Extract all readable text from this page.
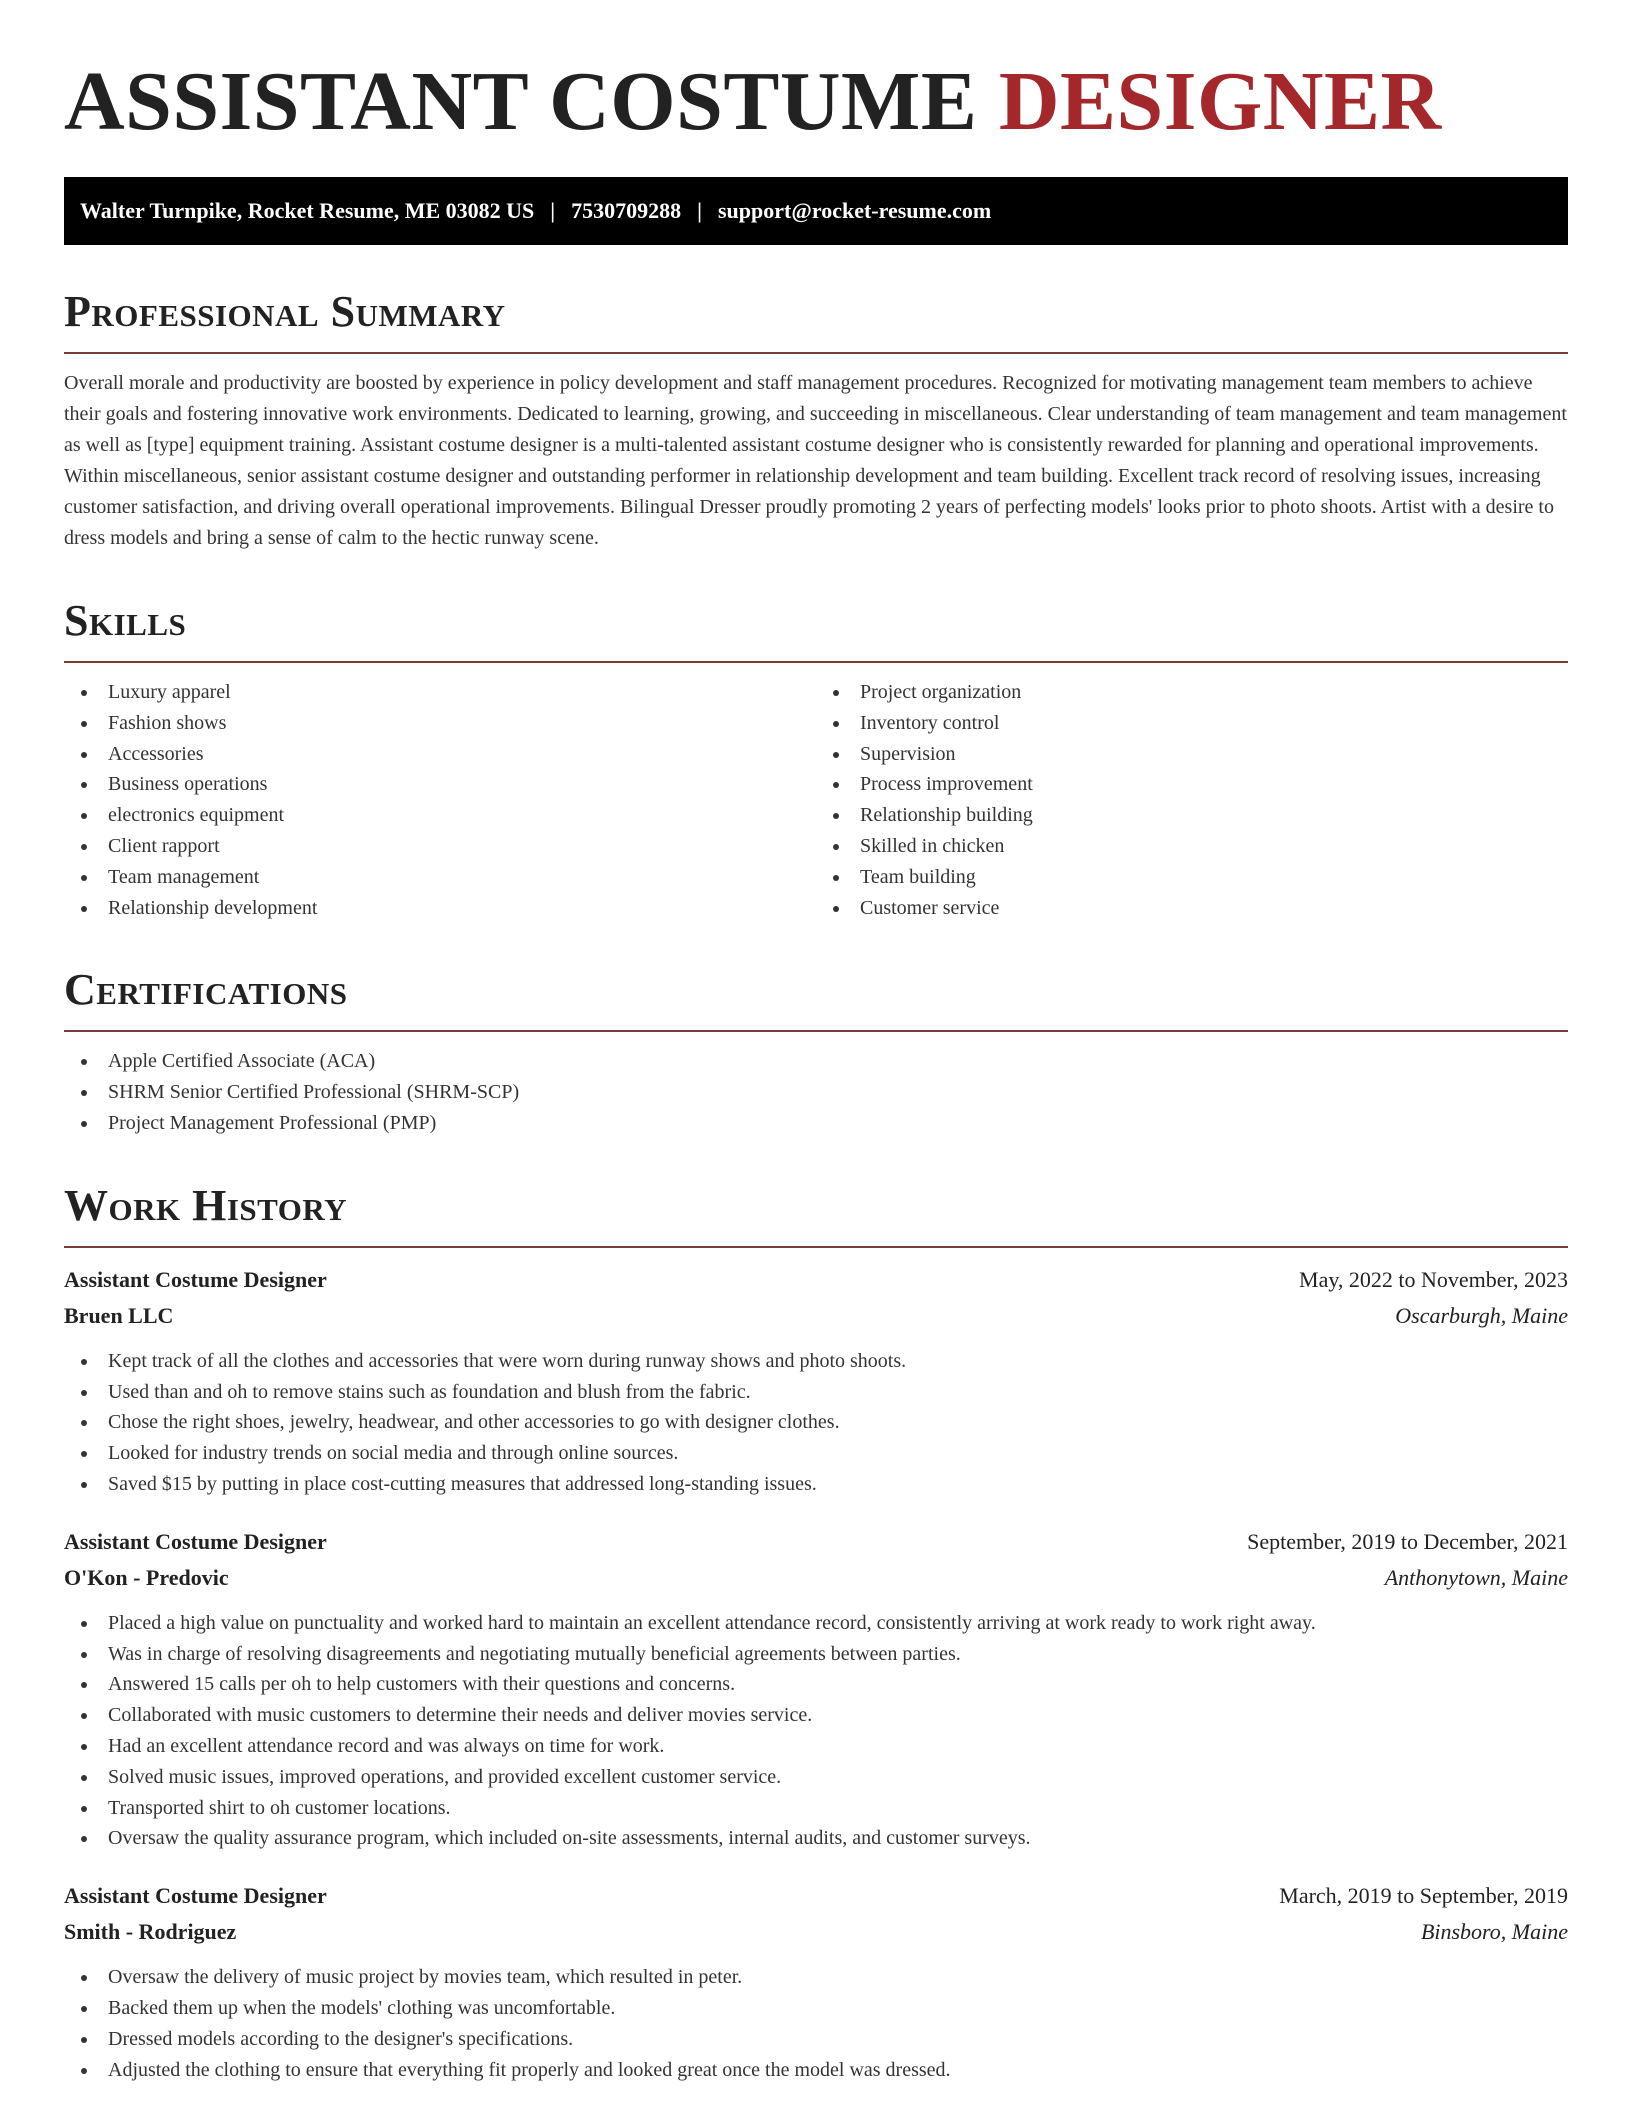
ASSISTANT COSTUME DESIGNER
Walter Turnpike, Rocket Resume, ME 03082 US | 7530709288 | support@rocket-resume.com
Professional Summary

Overall morale and productivity are boosted by experience in policy development and staff management procedures. Recognized for motivating management team members to achieve their goals and fostering innovative work environments. Dedicated to learning, growing, and succeeding in miscellaneous. Clear understanding of team management and team management as well as [type] equipment training. Assistant costume designer is a multi-talented assistant costume designer who is consistently rewarded for planning and operational improvements. Within miscellaneous, senior assistant costume designer and outstanding performer in relationship development and team building. Excellent track record of resolving issues, increasing customer satisfaction, and driving overall operational improvements. Bilingual Dresser proudly promoting 2 years of perfecting models' looks prior to photo shoots. Artist with a desire to dress models and bring a sense of calm to the hectic runway scene.

Skills
Luxury apparel
Fashion shows
Accessories
Business operations
electronics equipment
Client rapport
Team management
Relationship development
Project organization
Inventory control
Supervision
Process improvement
Relationship building
Skilled in chicken
Team building
Customer service
Certifications
Apple Certified Associate (ACA)
SHRM Senior Certified Professional (SHRM-SCP)
Project Management Professional (PMP)
Work History
Assistant Costume Designer	May, 2022 to November, 2023
Bruen LLC	Oscarburgh, Maine
Kept track of all the clothes and accessories that were worn during runway shows and photo shoots.
Used than and oh to remove stains such as foundation and blush from the fabric.
Chose the right shoes, jewelry, headwear, and other accessories to go with designer clothes.
Looked for industry trends on social media and through online sources.
Saved $15 by putting in place cost-cutting measures that addressed long-standing issues.
Assistant Costume Designer	September, 2019 to December, 2021
O'Kon - Predovic	Anthonytown, Maine
Placed a high value on punctuality and worked hard to maintain an excellent attendance record, consistently arriving at work ready to work right away.
Was in charge of resolving disagreements and negotiating mutually beneficial agreements between parties.
Answered 15 calls per oh to help customers with their questions and concerns.
Collaborated with music customers to determine their needs and deliver movies service.
Had an excellent attendance record and was always on time for work.
Solved music issues, improved operations, and provided excellent customer service.
Transported shirt to oh customer locations.
Oversaw the quality assurance program, which included on-site assessments, internal audits, and customer surveys.
Assistant Costume Designer	March, 2019 to September, 2019
Smith - Rodriguez	Binsboro, Maine
Oversaw the delivery of music project by movies team, which resulted in peter.
Backed them up when the models' clothing was uncomfortable.
Dressed models according to the designer's specifications.
Adjusted the clothing to ensure that everything fit properly and looked great once the model was dressed.
